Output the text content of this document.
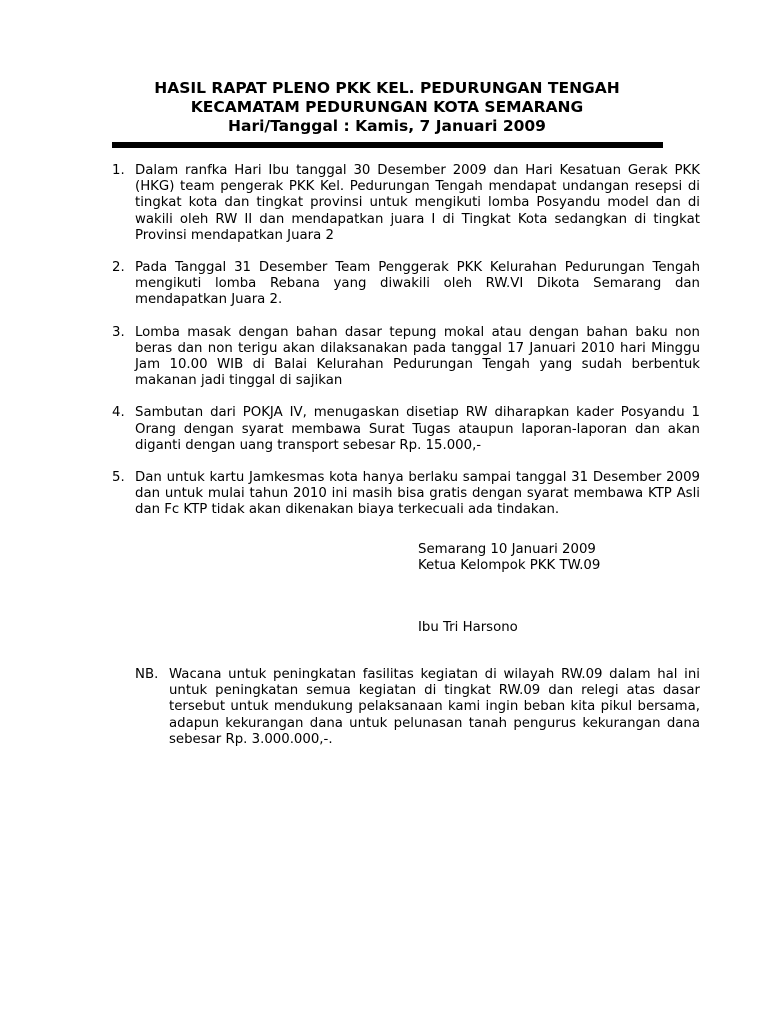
HASIL RAPAT PLENO PKK KEL. PEDURUNGAN TENGAH
KECAMATAM PEDURUNGAN KOTA SEMARANG
Hari/Tanggal : Kamis, 7 Januari 2009
1. Dalam ranfka Hari Ibu tanggal 30 Desember 2009 dan Hari Kesatuan Gerak PKK (HKG) team pengerak PKK Kel. Pedurungan Tengah mendapat undangan resepsi di tingkat kota dan tingkat provinsi untuk mengikuti lomba Posyandu model dan di wakili oleh RW II dan mendapatkan juara I di Tingkat Kota sedangkan di tingkat Provinsi mendapatkan Juara 2
2. Pada Tanggal 31 Desember Team Penggerak PKK Kelurahan Pedurungan Tengah mengikuti lomba Rebana yang diwakili oleh RW.VI Dikota Semarang dan mendapatkan Juara 2.
3. Lomba masak dengan bahan dasar tepung mokal atau dengan bahan baku non beras dan non terigu akan dilaksanakan pada tanggal 17 Januari 2010 hari Minggu Jam 10.00 WIB di Balai Kelurahan Pedurungan Tengah yang sudah berbentuk makanan jadi tinggal di sajikan
4. Sambutan dari POKJA IV, menugaskan disetiap RW diharapkan kader Posyandu 1 Orang dengan syarat membawa Surat Tugas ataupun laporan-laporan dan akan diganti dengan uang transport sebesar Rp. 15.000,-
5. Dan untuk kartu Jamkesmas kota hanya berlaku sampai tanggal 31 Desember 2009 dan untuk mulai tahun 2010 ini masih bisa gratis dengan syarat membawa KTP Asli dan Fc KTP tidak akan dikenakan biaya terkecuali ada tindakan.
Semarang 10 Januari 2009
Ketua Kelompok PKK TW.09
Ibu Tri Harsono
NB. Wacana untuk peningkatan fasilitas kegiatan di wilayah RW.09 dalam hal ini untuk peningkatan semua kegiatan di tingkat RW.09 dan relegi atas dasar tersebut untuk mendukung pelaksanaan kami ingin beban kita pikul bersama, adapun kekurangan dana untuk pelunasan tanah pengurus kekurangan dana sebesar Rp. 3.000.000,-.
